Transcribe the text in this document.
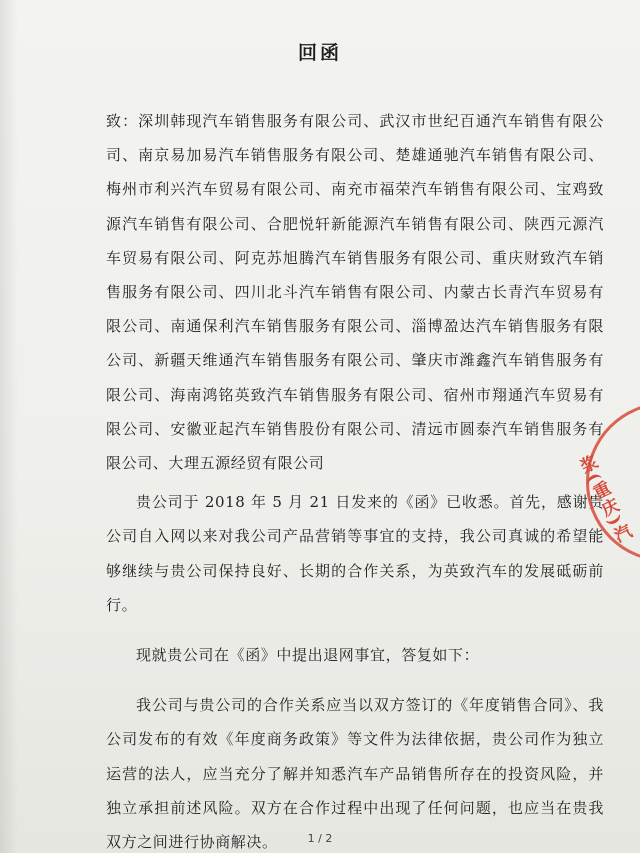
回函

致：深圳韩现汽车销售服务有限公司、武汉市世纪百通汽车销售有限公司、南京易加易汽车销售服务有限公司、楚雄通驰汽车销售有限公司、梅州市利兴汽车贸易有限公司、南充市福荣汽车销售有限公司、宝鸡致源汽车销售有限公司、合肥悦轩新能源汽车销售有限公司、陕西元源汽车贸易有限公司、阿克苏旭腾汽车销售服务有限公司、重庆财致汽车销售服务有限公司、四川北斗汽车销售有限公司、内蒙古长青汽车贸易有限公司、南通保利汽车销售服务有限公司、淄博盈达汽车销售服务有限公司、新疆天维通汽车销售服务有限公司、肇庆市潍鑫汽车销售服务有限公司、海南鸿铭英致汽车销售服务有限公司、宿州市翔通汽车贸易有限公司、安徽亚起汽车销售股份有限公司、清远市圆泰汽车销售服务有限公司、大理五源经贸有限公司

贵公司于 2018 年 5 月 21 日发来的《函》已收悉。首先，感谢贵公司自入网以来对我公司产品营销等事宜的支持，我公司真诚的希望能够继续与贵公司保持良好、长期的合作关系，为英致汽车的发展砥砺前行。

现就贵公司在《函》中提出退网事宜，答复如下：

我公司与贵公司的合作关系应当以双方签订的《年度销售合同》、我公司发布的有效《年度商务政策》等文件为法律依据，贵公司作为独立运营的法人，应当充分了解并知悉汽车产品销售所存在的投资风险，并独立承担前述风险。双方在合作过程中出现了任何问题，也应当在贵我双方之间进行协商解决。

浆(重庆)汽
1 / 2
